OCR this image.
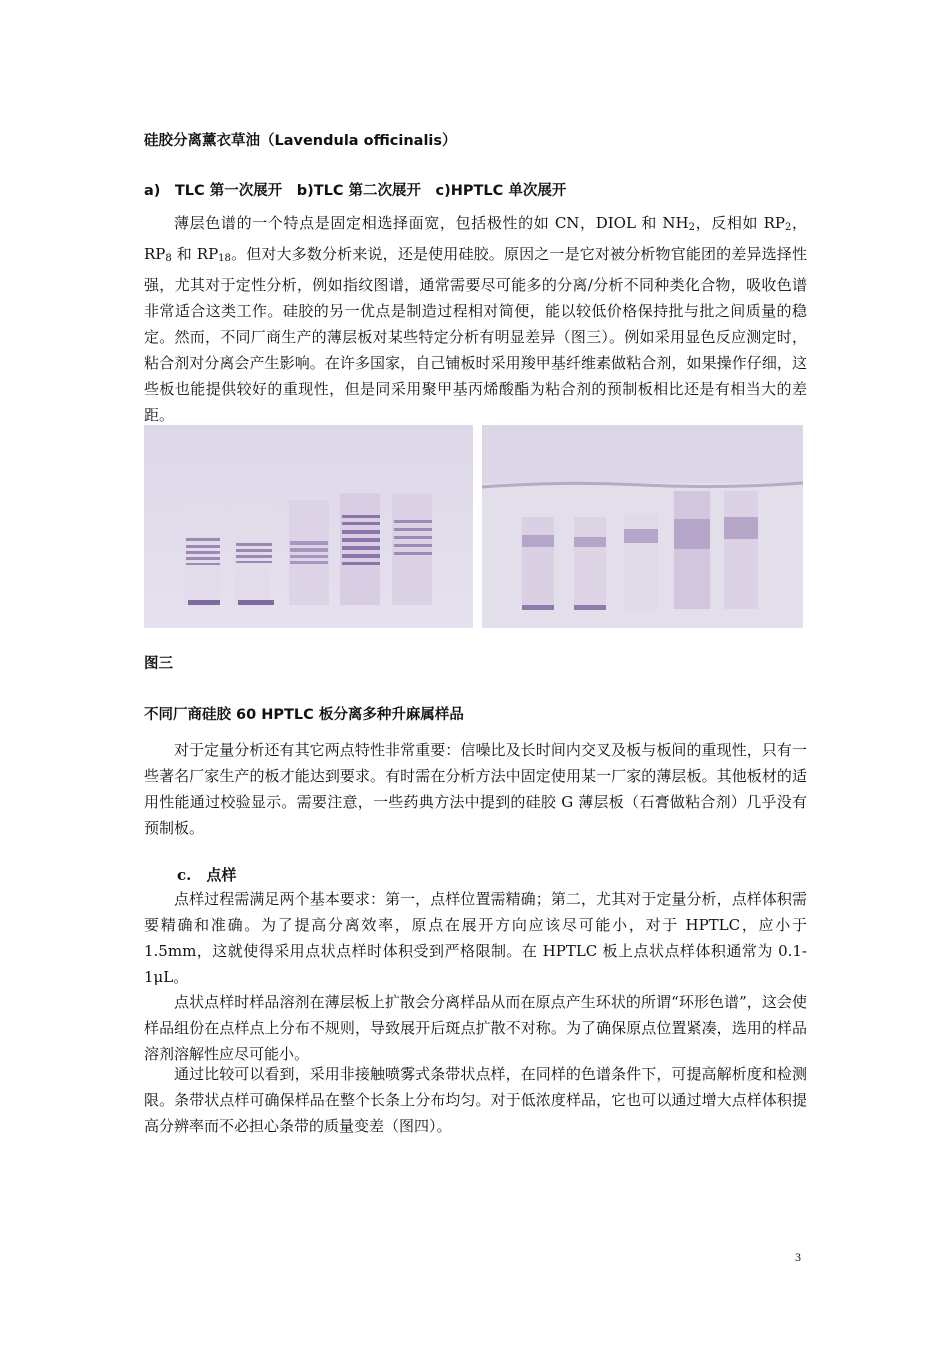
硅胶分离薰衣草油（Lavendula officinalis）
a)　TLC 第一次展开　b)TLC 第二次展开　c)HPTLC 单次展开

薄层色谱的一个特点是固定相选择面宽，包括极性的如 CN，DIOL 和 $NH_2$，反相如 $RP_2$，$RP_8$ 和 $RP_{18}$。但对大多数分析来说，还是使用硅胶。原因之一是它对被分析物官能团的差异选择性强，尤其对于定性分析，例如指纹图谱，通常需要尽可能多的分离/分析不同种类化合物，吸收色谱非常适合这类工作。硅胶的另一优点是制造过程相对简便，能以较低价格保持批与批之间质量的稳定。然而，不同厂商生产的薄层板对某些特定分析有明显差异（图三）。例如采用显色反应测定时，粘合剂对分离会产生影响。在许多国家，自己铺板时采用羧甲基纤维素做粘合剂，如果操作仔细，这些板也能提供较好的重现性，但是同采用聚甲基丙烯酸酯为粘合剂的预制板相比还是有相当大的差距。

图三
不同厂商硅胶 60 HPTLC 板分离多种升麻属样品

对于定量分析还有其它两点特性非常重要：信噪比及长时间内交叉及板与板间的重现性，只有一些著名厂家生产的板才能达到要求。有时需在分析方法中固定使用某一厂家的薄层板。其他板材的适用性能通过校验显示。需要注意，一些药典方法中提到的硅胶 G 薄层板（石膏做粘合剂）几乎没有预制板。

c.　点样

点样过程需满足两个基本要求：第一，点样位置需精确；第二，尤其对于定量分析，点样体积需要精确和准确。为了提高分离效率，原点在展开方向应该尽可能小，对于 HPTLC，应小于 1.5mm，这就使得采用点状点样时体积受到严格限制。在 HPTLC 板上点状点样体积通常为 0.1-1μL。

点状点样时样品溶剂在薄层板上扩散会分离样品从而在原点产生环状的所谓“环形色谱”，这会使样品组份在点样点上分布不规则，导致展开后斑点扩散不对称。为了确保原点位置紧凑，选用的样品溶剂溶解性应尽可能小。

通过比较可以看到，采用非接触喷雾式条带状点样，在同样的色谱条件下，可提高解析度和检测限。条带状点样可确保样品在整个长条上分布均匀。对于低浓度样品，它也可以通过增大点样体积提高分辨率而不必担心条带的质量变差（图四）。

3
